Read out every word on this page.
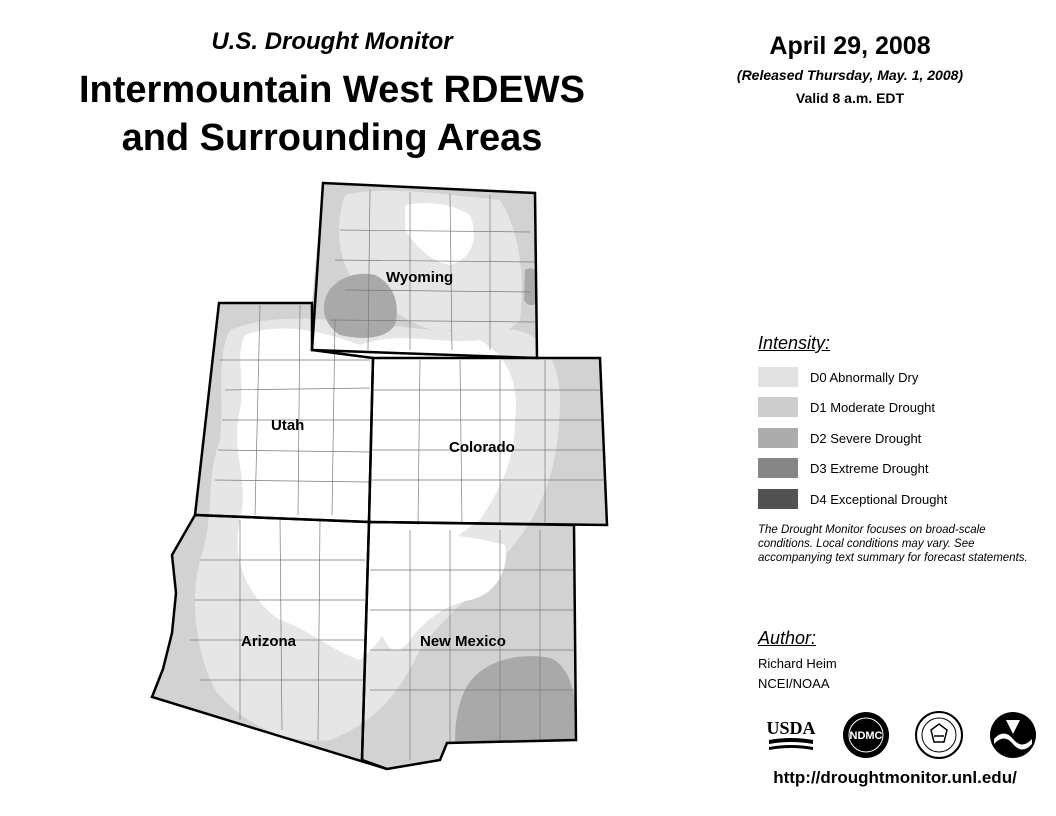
U.S. Drought Monitor
Intermountain West RDEWS
and Surrounding Areas
April 29, 2008
(Released Thursday, May. 1, 2008)
Valid 8 a.m. EDT
Wyoming
Utah
Colorado
Arizona	New Mexico
Intensity:
D0 Abnormally Dry
D1 Moderate Drought
D2 Severe Drought
D3 Extreme Drought
D4 Exceptional Drought
The Drought Monitor focuses on broad-scale conditions. Local conditions may vary. See accompanying text summary for forecast statements.
Author:
Richard Heim
NCEI/NOAA
USDA	NDMC
http://droughtmonitor.unl.edu/
